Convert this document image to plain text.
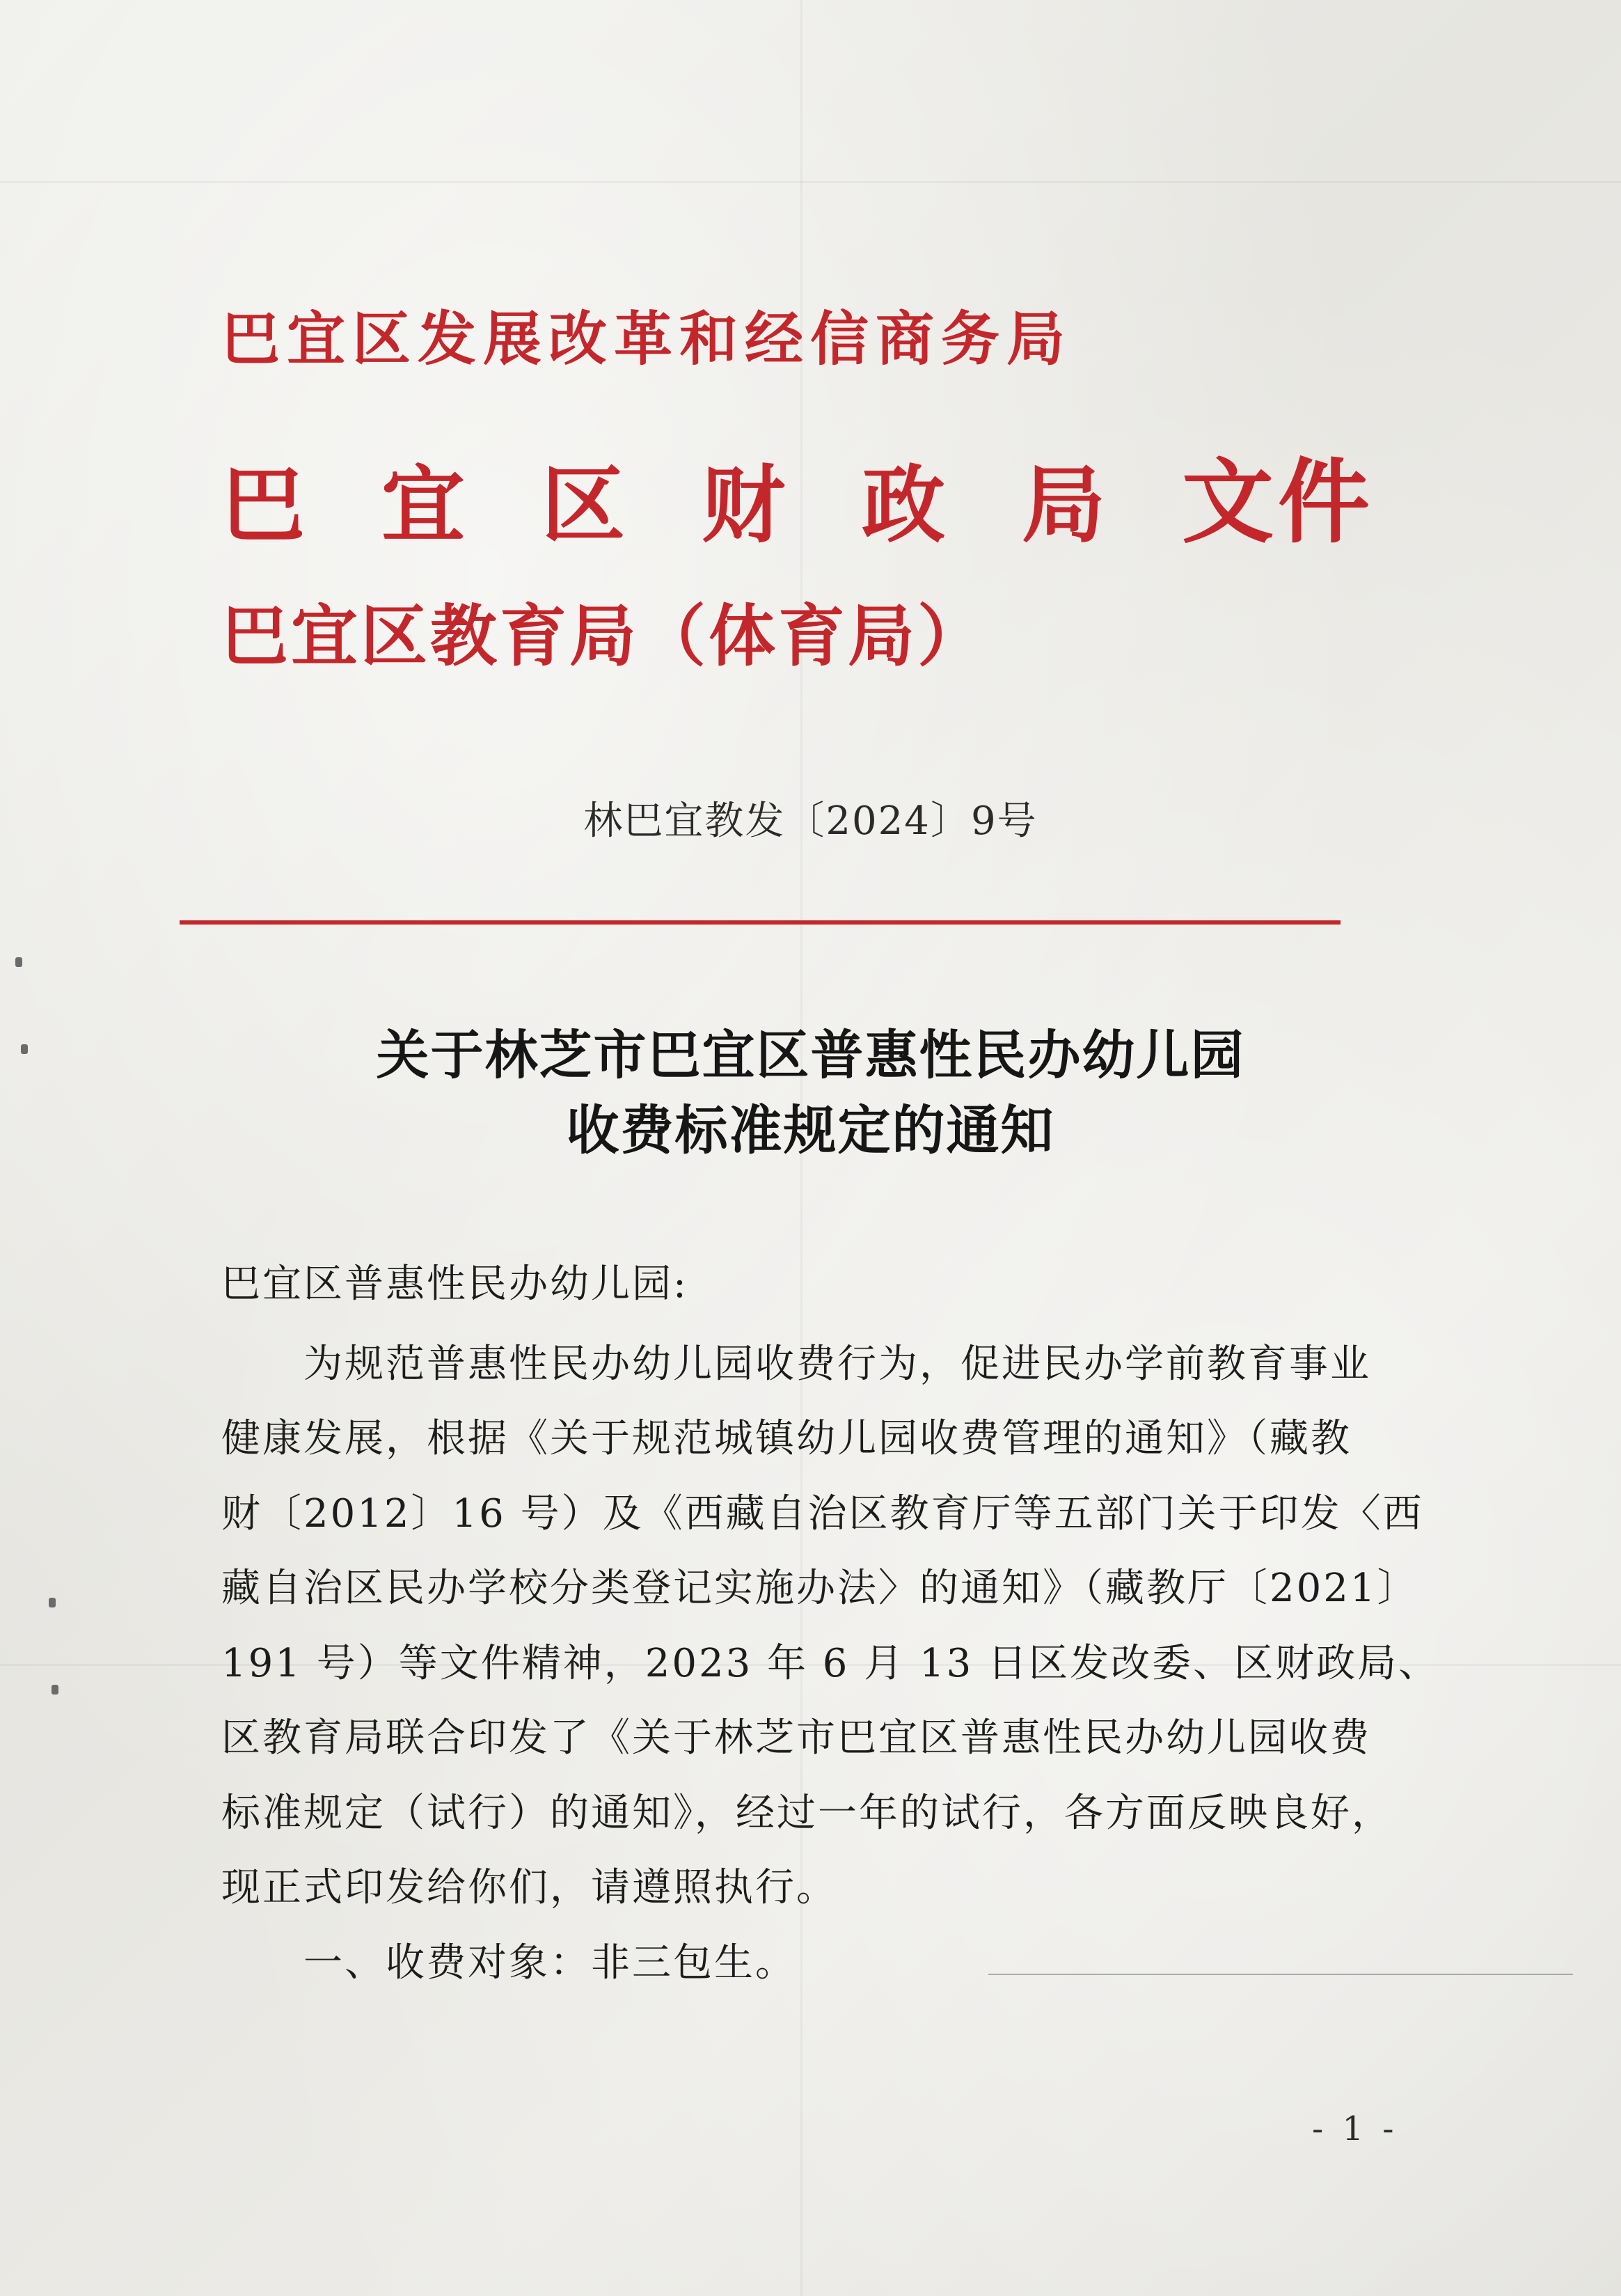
巴宜区发展改革和经信商务局
巴 宜 区 财 政 局 文件
巴宜区教育局（体育局）
林巴宜教发〔2024〕9号
关于林芝市巴宜区普惠性民办幼儿园
收费标准规定的通知
巴宜区普惠性民办幼儿园:
　　为规范普惠性民办幼儿园收费行为，促进民办学前教育事业
健康发展，根据《关于规范城镇幼儿园收费管理的通知》（藏教
财〔2012〕16 号）及《西藏自治区教育厅等五部门关于印发〈西
藏自治区民办学校分类登记实施办法〉的通知》（藏教厅〔2021〕
191 号）等文件精神，2023 年 6 月 13 日区发改委、区财政局、
区教育局联合印发了《关于林芝市巴宜区普惠性民办幼儿园收费
标准规定（试行）的通知》，经过一年的试行，各方面反映良好，
现正式印发给你们，请遵照执行。
　　一、收费对象：非三包生。
- 1 -
